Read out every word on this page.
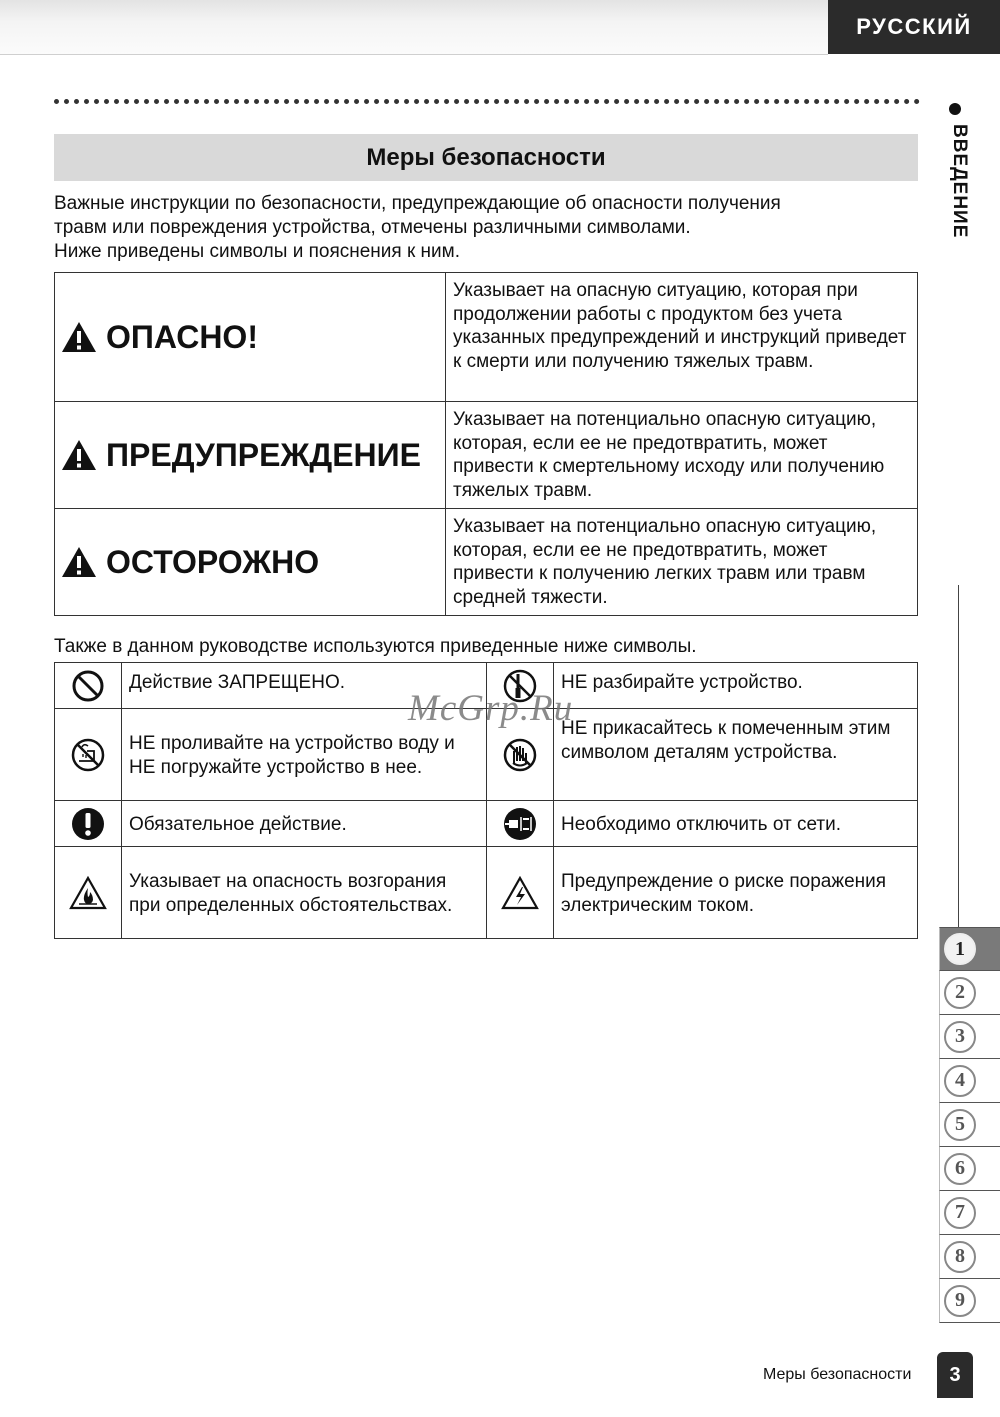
РУССКИЙ
ВВЕДЕНИЕ
Меры безопасности
Важные инструкции по безопасности, предупреждающие об опасности получения
травм или повреждения устройства, отмечены различными символами.
Ниже приведены символы и пояснения к ним.
ОПАСНО!	Указывает на опасную ситуацию, которая при продолжении работы с продуктом без учета указанных предупреждений и инструкций приведет к смерти или получению тяжелых травм.

ПРЕДУПРЕЖДЕНИЕ	Указывает на потенциально опасную ситуацию, которая, если ее не предотвратить, может привести к смертельному исходу или получению тяжелых травм.

ОСТОРОЖНО	Указывает на потенциально опасную ситуацию, которая, если ее не предотвратить, может привести к получению легких травм или травм средней тяжести.
Также в данном руководстве используются приведенные ниже символы.
	Действие ЗАПРЕЩЕНО.		НЕ разбирайте устройство.

	НЕ проливайте на устройство воду и НЕ погружайте устройство в нее.		НЕ прикасайтесь к помеченным этим символом деталям устройства.

	Обязательное действие.		Необходимо отключить от сети.

	Указывает на опасность возгорания при определенных обстоятельствах.		Предупреждение о риске поражения электрическим током.
McGrp.Ru
1
2
3
4
5
6
7
8
9
Меры безопасности	3
